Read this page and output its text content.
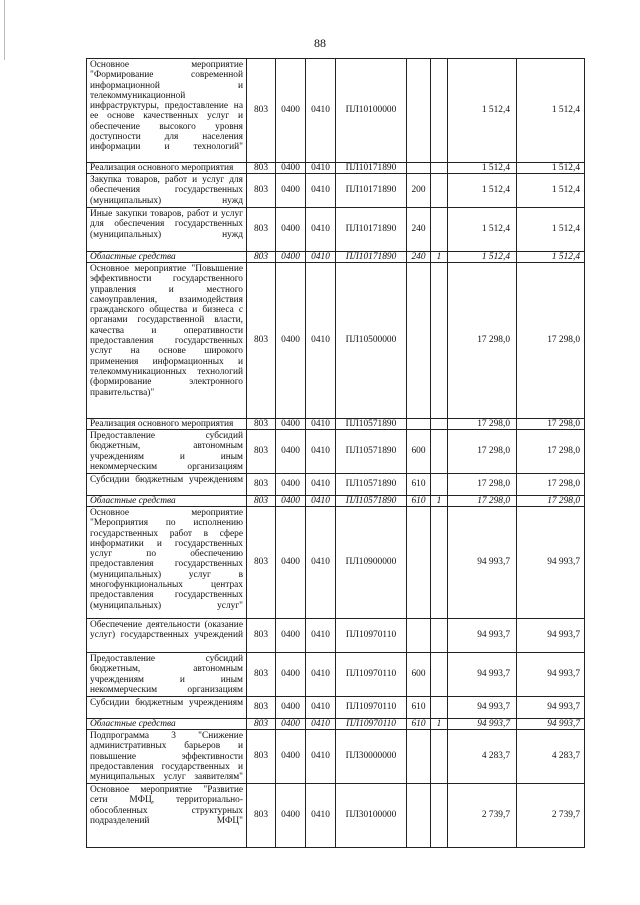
88
Основное мероприятие "Формирование современной информационной и телекоммуникационной инфраструктуры, предоставление на ее основе качественных услуг и обеспечение высокого уровня доступности для населения информации и технологий"	803	0400	0410	ПЛ10100000			1 512,4	1 512,4
Реализация основного мероприятия	803	0400	0410	ПЛ10171890			1 512,4	1 512,4
Закупка товаров, работ и услуг для обеспечения государственных (муниципальных) нужд	803	0400	0410	ПЛ10171890	200		1 512,4	1 512,4
Иные закупки товаров, работ и услуг для обеспечения государственных (муниципальных) нужд	803	0400	0410	ПЛ10171890	240		1 512,4	1 512,4
Областные средства	803	0400	0410	ПЛ10171890	240	1	1 512,4	1 512,4
Основное мероприятие "Повышение эффективности государственного управления и местного самоуправления, взаимодействия гражданского общества и бизнеса с органами государственной власти, качества и оперативности предоставления государственных услуг на основе широкого применения информационных и телекоммуникационных технологий (формирование электронного правительства)"	803	0400	0410	ПЛ10500000			17 298,0	17 298,0
Реализация основного мероприятия	803	0400	0410	ПЛ10571890			17 298,0	17 298,0
Предоставление субсидий бюджетным, автономным учреждениям и иным некоммерческим организациям	803	0400	0410	ПЛ10571890	600		17 298,0	17 298,0
Субсидии бюджетным учреждениям	803	0400	0410	ПЛ10571890	610		17 298,0	17 298,0
Областные средства	803	0400	0410	ПЛ10571890	610	1	17 298,0	17 298,0
Основное мероприятие "Мероприятия по исполнению государственных работ в сфере информатики и государственных услуг по обеспечению предоставления государственных (муниципальных) услуг в многофункциональных центрах предоставления государственных (муниципальных) услуг"	803	0400	0410	ПЛ10900000			94 993,7	94 993,7
Обеспечение деятельности (оказание услуг) государственных учреждений	803	0400	0410	ПЛ10970110			94 993,7	94 993,7
Предоставление субсидий бюджетным, автономным учреждениям и иным некоммерческим организациям	803	0400	0410	ПЛ10970110	600		94 993,7	94 993,7
Субсидии бюджетным учреждениям	803	0400	0410	ПЛ10970110	610		94 993,7	94 993,7
Областные средства	803	0400	0410	ПЛ10970110	610	1	94 993,7	94 993,7
Подпрограмма 3 "Снижение административных барьеров и повышение эффективности предоставления государственных и муниципальных услуг заявителям"	803	0400	0410	ПЛ30000000			4 283,7	4 283,7
Основное мероприятие "Развитие сети МФЦ, территориально-обособленных структурных подразделений МФЦ"	803	0400	0410	ПЛ30100000			2 739,7	2 739,7
